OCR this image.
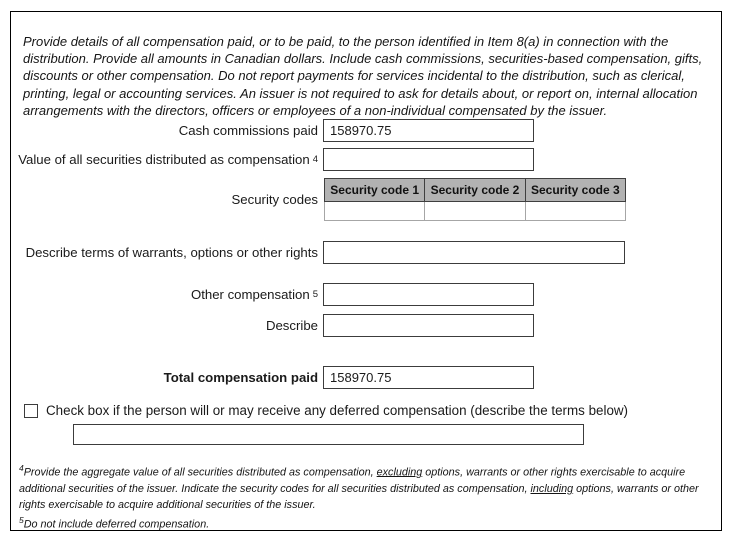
Provide details of all compensation paid, or to be paid, to the person identified in Item 8(a) in connection with the distribution. Provide all amounts in Canadian dollars. Include cash commissions, securities-based compensation, gifts, discounts or other compensation. Do not report payments for services incidental to the distribution, such as clerical, printing, legal or accounting services. An issuer is not required to ask for details about, or report on, internal allocation arrangements with the directors, officers or employees of a non-individual compensated by the issuer.

Cash commissions paid
158970.75
Value of all securities distributed as compensation 4
Security codes
Security code 1	Security code 2	Security code 3

Describe terms of warrants, options or other rights
Other compensation 5
Describe
Total compensation paid
158970.75
Check box if the person will or may receive any deferred compensation (describe the terms below)

$^4$Provide the aggregate value of all securities distributed as compensation, excluding options, warrants or other rights exercisable to acquire additional securities of the issuer. Indicate the security codes for all securities distributed as compensation, including options, warrants or other rights exercisable to acquire additional securities of the issuer.

$^5$Do not include deferred compensation.
